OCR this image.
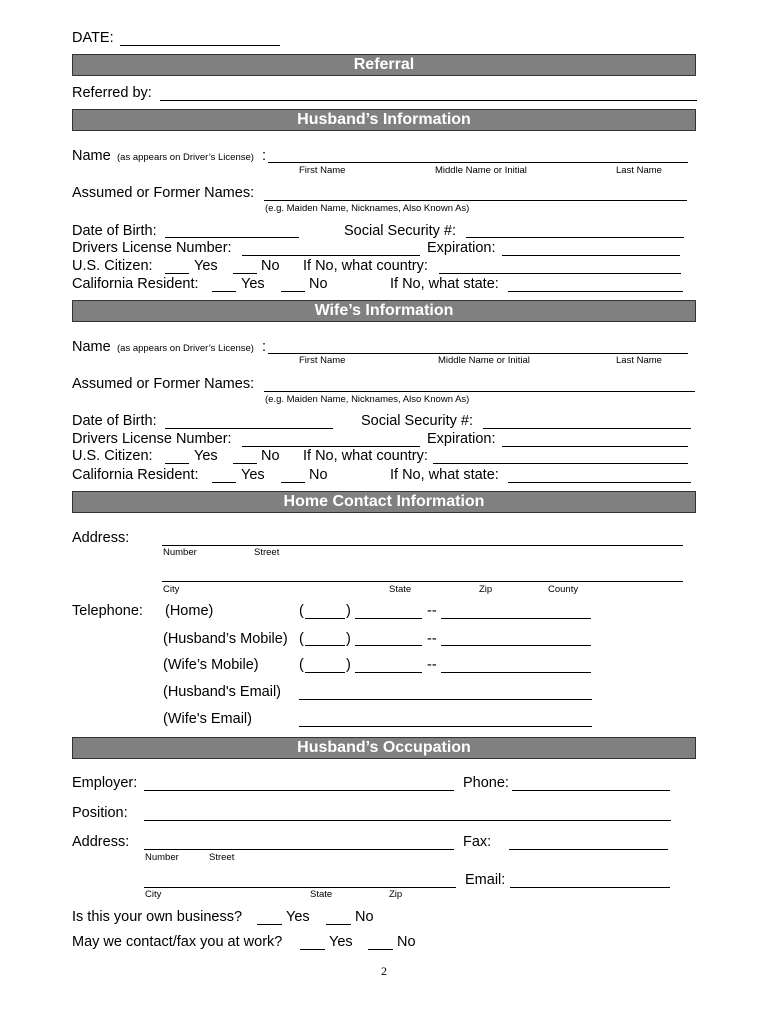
DATE:
Referral
Referred by:
Husband’s Information
Name (as appears on Driver’s License) :
First Name	Middle Name or Initial	Last Name
Assumed or Former Names:
(e.g. Maiden Name, Nicknames, Also Known As)
Date of Birth:	Social Security #:
Drivers License Number:	Expiration:
U.S. Citizen:	Yes	No If No, what country:
California Resident:	Yes	No	If No, what state:
Wife’s Information
Name (as appears on Driver’s License) :
First Name	Middle Name or Initial	Last Name
Assumed or Former Names:
(e.g. Maiden Name, Nicknames, Also Known As)
Date of Birth:	Social Security #:
Drivers License Number:	Expiration:
U.S. Citizen:	Yes	No If No, what country:
California Resident:	Yes	No	If No, what state:
Home Contact Information
Address:
Number	Street
City	State	Zip	County
Telephone: (Home)	(	)	--
(Husband’s Mobile) (	)	--
(Wife’s Mobile)	(	)	--
(Husband's Email)
(Wife's Email)
Husband’s Occupation
Employer:	Phone:
Position:
Address:
Number	Street
Fax:
Email:
City	State	Zip
Is this your own business?	Yes	No
May we contact/fax you at work?	Yes	No
2
